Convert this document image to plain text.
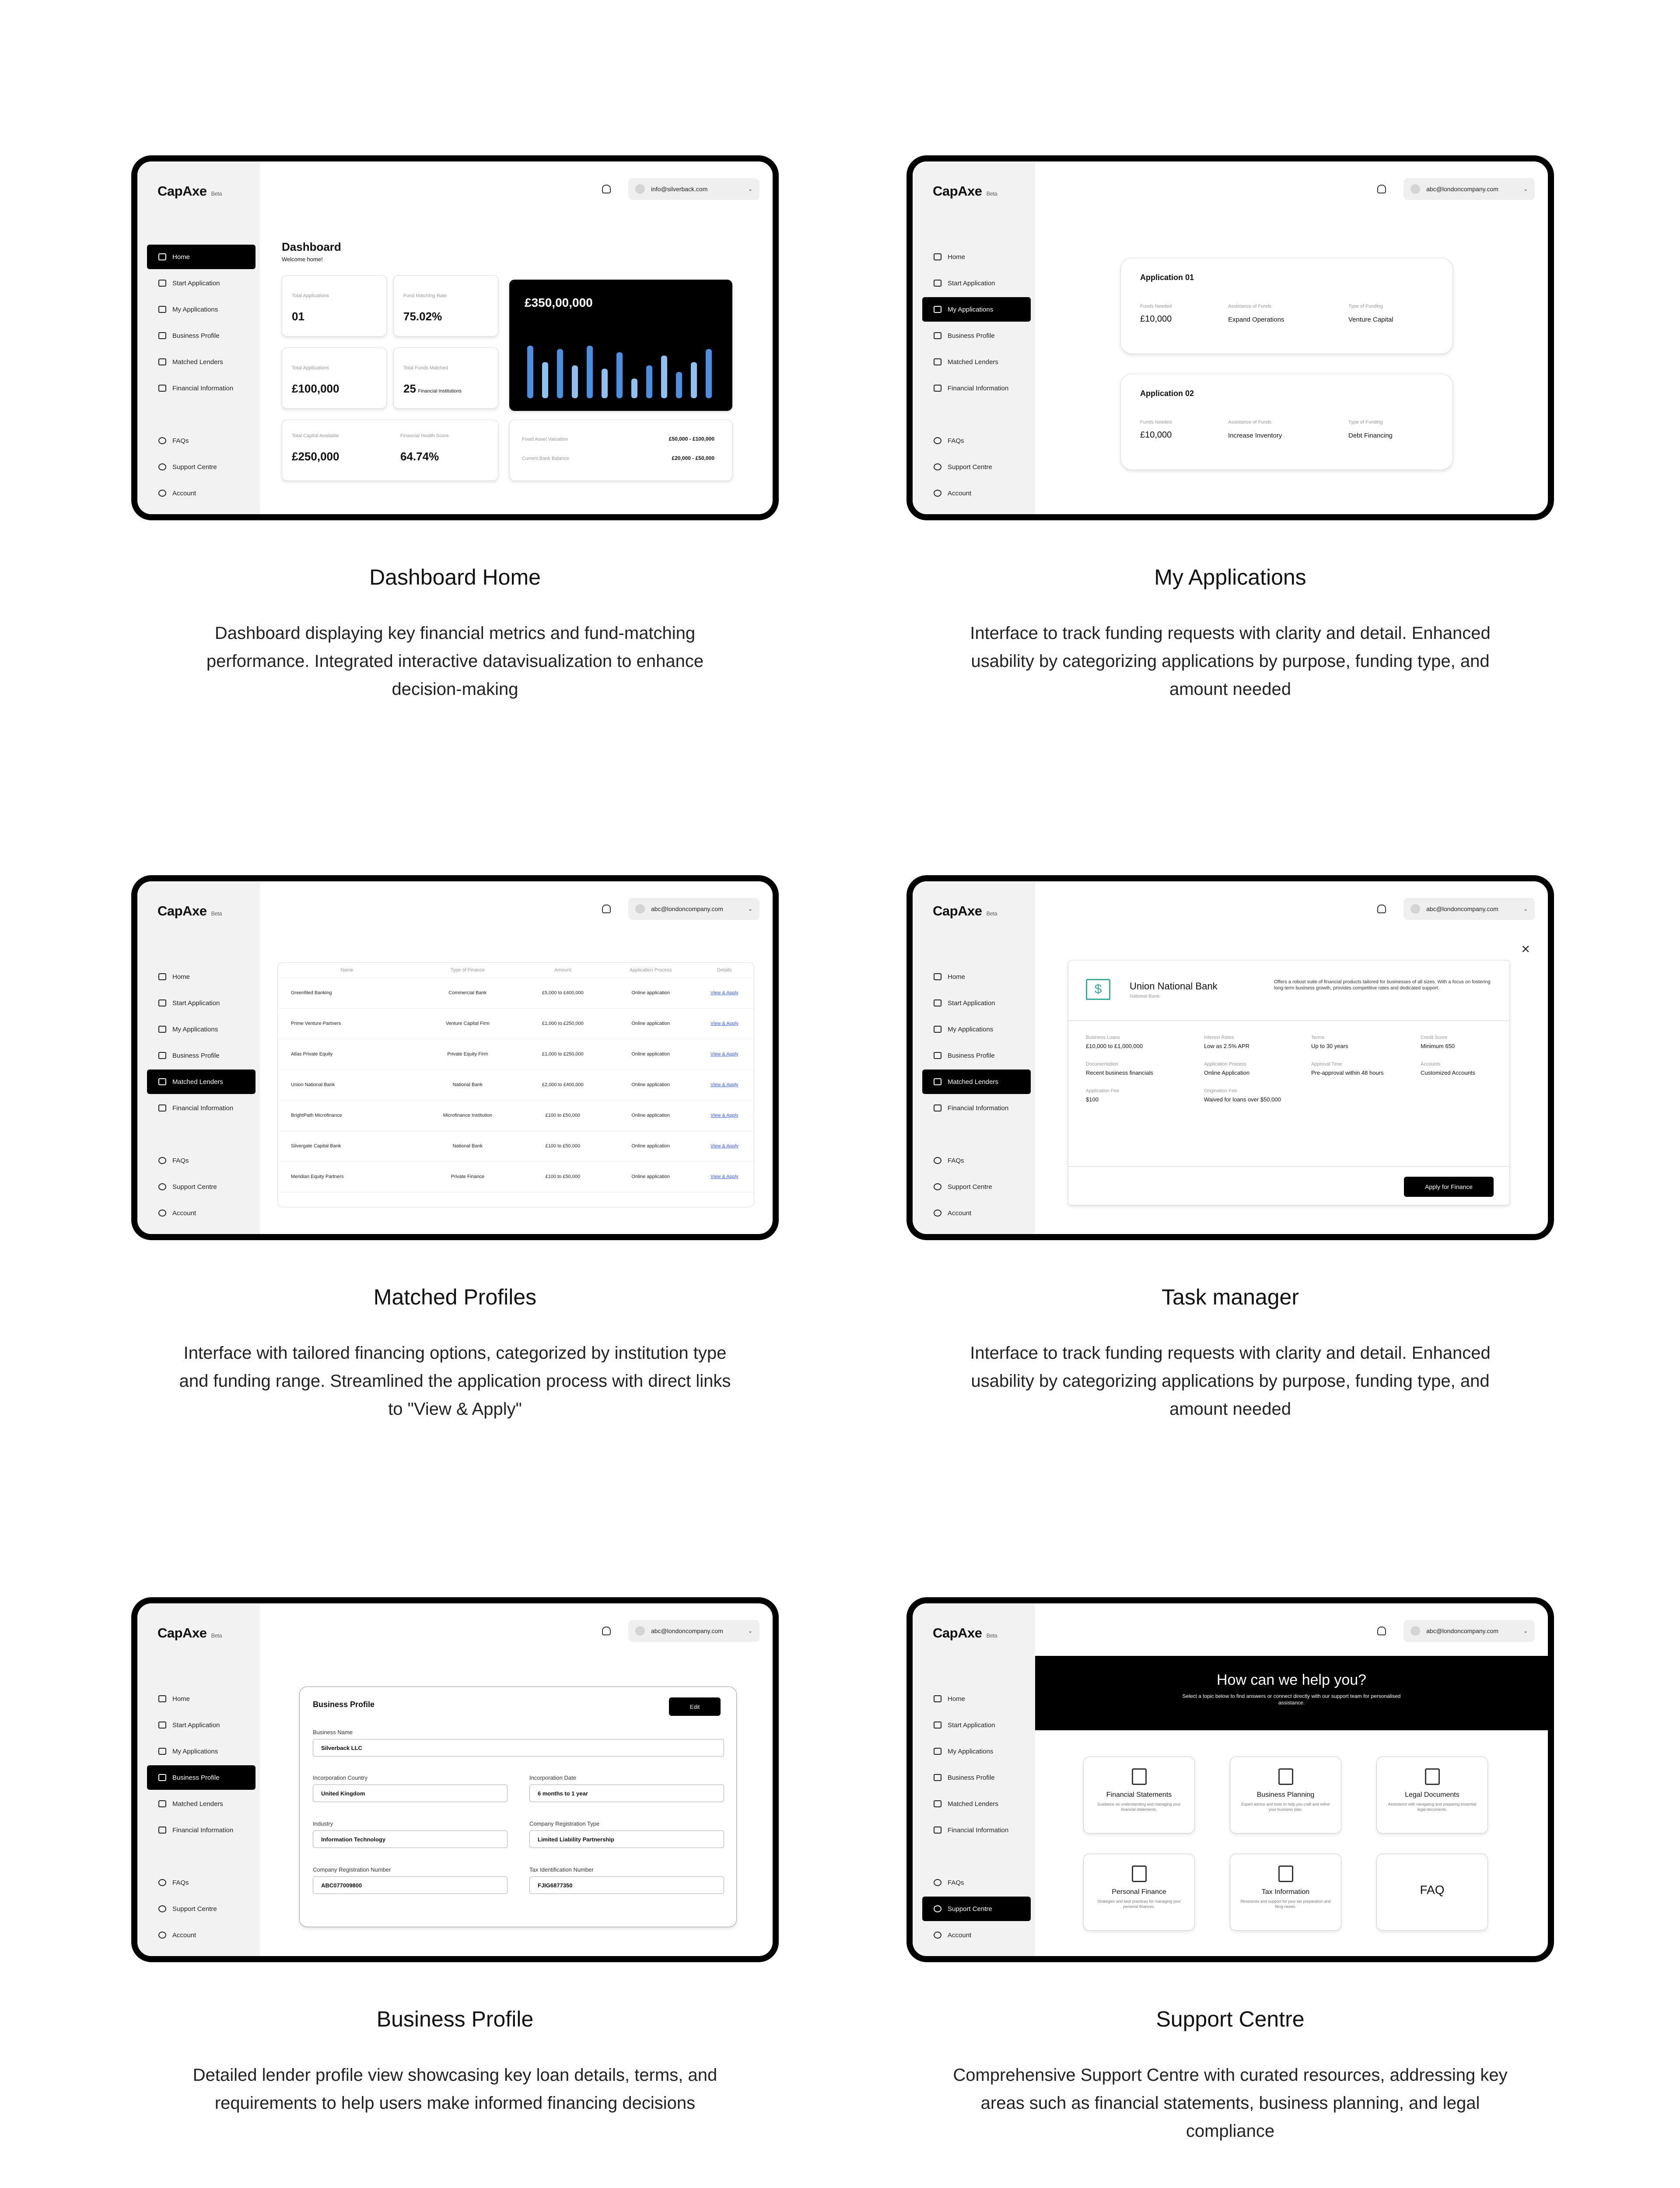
CapAxe Beta
Home
Start Application
My Applications
Business Profile
Matched Lenders
Financial Information
FAQs
Support Centre
Account
info@silverback.com	⌄
Dashboard
Welcome home!
Total Applications
01
Fund Matching Rate
75.02%
Total Applications
£100,000
Total Funds Matched
25 Financial Institutions
Total Capital Available
£250,000
Financial Health Score
64.74%
£350,00,000
Fixed Asset Valuation	£50,000 - £100,000
Current Bank Balance	£20,000 - £50,000
Dashboard Home
Dashboard displaying key financial metrics and fund-matching performance. Integrated interactive datavisualization to enhance decision-making
CapAxe Beta
Home
Start Application
My Applications
Business Profile
Matched Lenders
Financial Information
FAQs
Support Centre
Account
abc@londoncompany.com	⌄
Application 01
Funds Needed
£10,000
Assistance of Funds
Expand Operations
Type of Funding
Venture Capital
Application 02
Funds Needed
£10,000
Assistance of Funds
Increase Inventory
Type of Funding
Debt Financing
My Applications
Interface to track funding requests with clarity and detail. Enhanced usability by categorizing applications by purpose, funding type, and amount needed
CapAxe Beta
Home
Start Application
My Applications
Business Profile
Matched Lenders
Financial Information
FAQs
Support Centre
Account
abc@londoncompany.com	⌄
Name	Type of Finance	Amount	Application Process	Details
Greenfiled Banking	Commercial Bank	£5,000 to £400,000	Online application	View & Apply
Prime Venture Partners	Venture Capital Firm	£1,000 to £250,000	Online application	View & Apply
Atlas Private Equity	Private Equity Firm	£1,000 to £250,000	Online application	View & Apply
Union National Bank	National Bank	£2,000 to £400,000	Online application	View & Apply
BrightPath Microfinance	Microfinance Institution	£100 to £50,000	Online application	View & Apply
Silvergate Capital Bank	National Bank	£100 to £50,000	Online application	View & Apply
Meridian Equity Partners	Private Finance	£100 to £50,000	Online application	View & Apply
Matched Profiles
Interface with tailored financing options, categorized by institution type and funding range. Streamlined the application process with direct links to "View & Apply"
CapAxe Beta
Home
Start Application
My Applications
Business Profile
Matched Lenders
Financial Information
FAQs
Support Centre
Account
abc@londoncompany.com	⌄
✕
$	Union National Bank
National Bank
Offers a robust suite of financial products tailored for businesses of all sizes. With a focus on fostering long-term business growth, provides competitive rates and dedicated support.
Business Loans
£10,000 to £1,000,000
Interest Rates
Low as 2.5% APR
Terms
Up to 30 years
Credit Score
Minimum 650
Documentation
Recent business financials
Application Process
Online Application
Approval Time
Pre-approval within 48 hours
Accounts
Customized Accounts
Application Fee
$100
Origination Fee
Waived for loans over $50,000
Apply for Finance
Task manager
Interface to track funding requests with clarity and detail. Enhanced usability by categorizing applications by purpose, funding type, and amount needed
CapAxe Beta
Home
Start Application
My Applications
Business Profile
Matched Lenders
Financial Information
FAQs
Support Centre
Account
abc@londoncompany.com	⌄
Business Profile	Edit
Business Name
Silverback LLC
Incorporation Country
United Kingdom
Incorporation Date
6 months to 1 year
Industry
Information Technology
Company Registration Type
Limited Liability Partnership
Company Registration Number
ABC077009800
Tax Identification Number
FJIG6877350
Business Profile
Detailed lender profile view showcasing key loan details, terms, and requirements to help users make informed financing decisions
CapAxe Beta
Home
Start Application
My Applications
Business Profile
Matched Lenders
Financial Information
FAQs
Support Centre
Account
abc@londoncompany.com	⌄
How can we help you?
Select a topic below to find answers or connect directly with our support team for personalised assistance.
Financial Statements
Guidance on understanding and managing your financial statements.
Business Planning
Expert advice and tools to help you craft and refine your business plan.
Legal Documents
Assistance with navigating and preparing essential legal documents.
Personal Finance
Strategies and best practices for managing your personal finances.
Tax Information
Resources and support for your tax preparation and filing needs.
FAQ
Support Centre
Comprehensive Support Centre with curated resources, addressing key areas such as financial statements, business planning, and legal compliance
